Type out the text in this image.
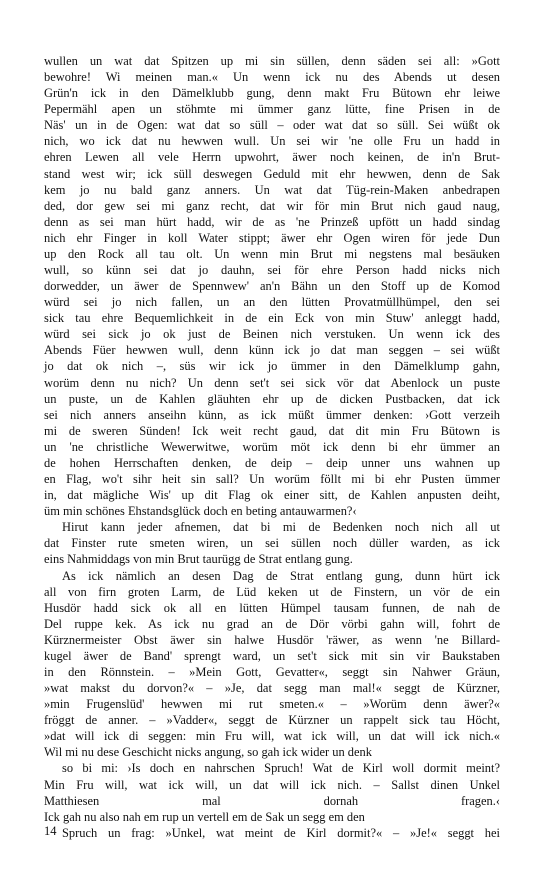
wullen un wat dat Spitzen up mi sin süllen, denn säden sei all: »Gott
bewohre! Wi meinen man.« Un wenn ick nu des Abends ut desen
Grün'n ick in den Dämelklubb gung, denn makt Fru Bütown ehr leiwe
Pepermähl apen un stöhmte mi ümmer ganz lütte, fine Prisen in de
Näs' un in de Ogen: wat dat so süll – oder wat dat so süll. Sei wüßt ok
nich, wo ick dat nu hewwen wull. Un sei wir 'ne olle Fru un hadd in
ehren Lewen all vele Herrn upwohrt, äwer noch keinen, de in'n Brut-
stand west wir; ick süll deswegen Geduld mit ehr hewwen, denn de Sak
kem jo nu bald ganz anners. Un wat dat Tüg-rein-Maken anbedrapen
ded, dor gew sei mi ganz recht, dat wir för min Brut nich gaud naug,
denn as sei man hürt hadd, wir de as 'ne Prinzeß upfött un hadd sindag
nich ehr Finger in koll Water stippt; äwer ehr Ogen wiren för jede Dun
up den Rock all tau olt. Un wenn min Brut mi negstens mal besäuken
wull, so künn sei dat jo dauhn, sei för ehre Person hadd nicks nich
dorwedder, un äwer de Spennwew' an'n Bähn un den Stoff up de Komod
würd sei jo nich fallen, un an den lütten Provatmüllhümpel, den sei
sick tau ehre Bequemlichkeit in de ein Eck von min Stuw' anleggt hadd,
würd sei sick jo ok just de Beinen nich verstuken. Un wenn ick des
Abends Füer hewwen wull, denn künn ick jo dat man seggen – sei wüßt
jo dat ok nich –, süs wir ick jo ümmer in den Dämelklump gahn,
worüm denn nu nich? Un denn set't sei sick vör dat Abenlock un puste
un puste, un de Kahlen gläuhten ehr up de dicken Pustbacken, dat ick
sei nich anners anseihn künn, as ick müßt ümmer denken: ›Gott verzeih
mi de sweren Sünden! Ick weit recht gaud, dat dit min Fru Bütown is
un 'ne christliche Wewerwitwe, worüm möt ick denn bi ehr ümmer an
de hohen Herrschaften denken, de deip – deip unner uns wahnen up
en Flag, wo't sihr heit sin sall? Un worüm föllt mi bi ehr Pusten ümmer
in, dat mägliche Wis' up dit Flag ok einer sitt, de Kahlen anpusten deiht,
üm min schönes Ehstandsglück doch en beting antauwarmen?‹
Hirut kann jeder afnemen, dat bi mi de Bedenken noch nich all ut
dat Finster rute smeten wiren, un sei süllen noch düller warden, as ick
eins Nahmiddags von min Brut taurügg de Strat entlang gung.
As ick nämlich an desen Dag de Strat entlang gung, dunn hürt ick
all von firn groten Larm, de Lüd keken ut de Finstern, un vör de ein
Husdör hadd sick ok all en lütten Hümpel tausam funnen, de nah de
Del ruppe kek. As ick nu grad an de Dör vörbi gahn will, fohrt de
Kürznermeister Obst äwer sin halwe Husdör 'räwer, as wenn 'ne Billard-
kugel äwer de Band' sprengt ward, un set't sick mit sin vir Baukstaben
in den Rönnstein. – »Mein Gott, Gevatter«, seggt sin Nahwer Gräun,
»wat makst du dorvon?« – »Je, dat segg man mal!« seggt de Kürzner,
»min Frugenslüd' hewwen mi rut smeten.« – »Worüm denn äwer?«
fröggt de anner. – »Vadder«, seggt de Kürzner un rappelt sick tau Höcht,
»dat will ick di seggen: min Fru will, wat ick will, un dat will ick nich.«
Wil mi nu dese Geschicht nicks angung, so gah ick wider un denk
so bi mi: ›Is doch en nahrschen Spruch! Wat de Kirl woll dormit meint?
Min Fru will, wat ick will, un dat will ick nich. – Sallst dinen Unkel
Matthiesen mal dornah fragen.‹
Ick gah nu also nah em rup un vertell em de Sak un segg em den
Spruch un frag: »Unkel, wat meint de Kirl dormit?« – »Je!« seggt hei
14
